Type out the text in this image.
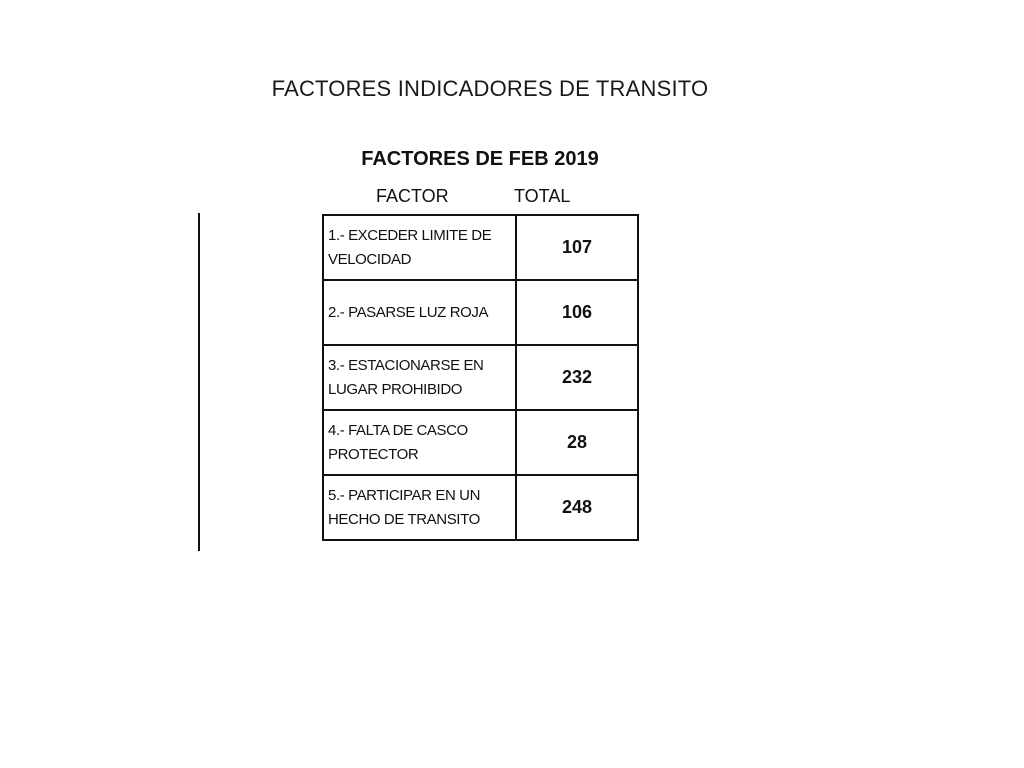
FACTORES INDICADORES DE TRANSITO
FACTORES DE FEB 2019
FACTOR	TOTAL
1.- EXCEDER LIMITE DE VELOCIDAD	107
2.- PASARSE LUZ ROJA	106
3.- ESTACIONARSE EN LUGAR PROHIBIDO	232
4.- FALTA DE CASCO PROTECTOR	28
5.- PARTICIPAR EN UN HECHO DE TRANSITO	248
